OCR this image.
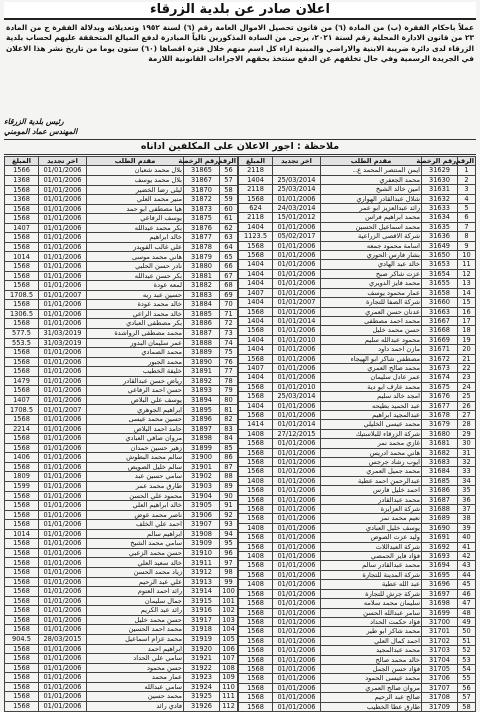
اعلان صادر عن بلدية الزرقاء
عملاً باحكام الفقرة (ب) من المادة (٦) من قانون تحصيل الاموال العامة رقم (٦) لسنة ١٩٥٢ وتعديلاته وبدلالة الفقرة ج من المادة ٢٣ من قانون الادارة المحلية رقم لسنة ٢٠٢١، يرجى من السادة المذكورين تالياً المبادرة لدفع المبالغ المتحققة عليهم لحساب بلدية الزرقاء لدى دائرة ضريبة الابنية والاراضي والمبنية ازاء كل اسم منهم خلال فترة اقصاها (٦٠) ستون يوما من تاريخ نشر هذا الاعلان في الجريدة الرسمية وفي حال تخلفهم عن الدفع ستتخذ بحقهم الاجراءات القانونية اللازمة
رئيس بلدية الزرقاء
المهندس عماد المومني
ملاحظة : اجور الاعلان على المكلفين اداناه
الرقم	رقم الرخصة	مقدم الطلب	اخر تجديد	المبلغ
1	31629	ايمن المنتصر المحمد ع..		2118
2	31630	محمد الجعفري	25/03/2014	1404
3	31631	امين خالد الشيخ	25/03/2014	2118
4	31632	شلال عبدالقادر الهواري	01/01/2006	1568
5	31633	رائد عبدالعزيز ابو عمر	24/03/2014	624
6	31634	محمد ابراهيم فراس	15/01/2012	2118
7	31635	محمد اسماعيل الحسين	01/01/2006	1404
8	31636	شركة الاقصى الزراعية	05/02/2017	1123.5
9	31649	اسامة محمود جمعه	01/01/2006	1568
10	31650	بشار فارس الحوري	01/01/2006	1568
11	31653	خالد عبد الهادي	01/01/2006	1404
12	31654	عزت شاكر صبح	01/01/2006	1404
13	31655	محمد فايز الدويري	01/01/2006	1404
14	31658	عمار محمود يوسف	01/01/2006	1407
15	31660	شركة الصفا للتجارة	01/01/2007	1404
16	31663	عدنان حسن العمري	01/01/2006	1568
17	31667	محمد احمد مصطفى	01/01/2014	1404
18	31668	حسن محمد خليل	01/01/2006	1568
19	31669	محمود عبدالله سليم	01/01/2010	1404
20	31671	مازن احمد داود	01/01/2006	1404
21	31672	مصطفى شاكر ابو الهيجاء	01/01/2006	1568
22	31673	محمد صالح العمري	01/01/2006	1407
23	31674	عمر عادل سليمان	01/01/2006	1404
24	31675	محمد عارف ابو دية	01/01/2010	1568
25	31676	امجد خالد سليم	25/03/2014	1568
26	31677	عبد الحميد بطيحه	01/01/2006	1404
27	31678	عبدالمجيد ابراهيم	01/01/2006	1568
28	31679	محمد عيسى الخليلي	01/01/2014	1414
29	31680	شركة الزرقاء للبلاستيك	27/12/2015	1408
30	31681	غازي محمد نمر	01/01/2006	1568
31	31682	هاني محمد ادريس	01/01/2006	1568
32	31683	ايوب رشاد جرجس	01/01/2006	1568
33	31684	محمد جميل العمري	01/01/2006	1568
34	31685	عبدالرحمن احمد عطية	01/01/2006	1408
35	31686	احمد خليل فارس	01/01/2006	1568
36	31687	محمد عبدالقادر	01/01/2006	1568
37	31688	شركة العزايزة	01/01/2006	1568
38	31689	نعيم محمد نمر	01/01/2006	1568
39	31690	يوسف خليل العبادي	01/01/2006	1408
40	31691	وليد عزت الصوص	01/01/2006	1568
41	31692	شركة العبداللات	01/01/2006	1568
42	31693	فؤاد فايز الحمصي	01/01/2006	1408
43	31694	محمد عبدالقادر سالم	01/01/2006	1568
44	31695	شركة المدينة للتجارة	01/01/2006	1568
45	31696	عبد الله عطية	01/01/2006	1408
46	31697	شركة جرش للتجارة	01/01/2006	1568
47	31698	سليمان محمد سلامه	01/01/2006	1568
48	31699	سامر عبدالله الحسن	01/01/2006	1568
49	31700	فؤاد حكمت الحداد	01/01/2006	1568
50	31701	محمد شاكر ابو طير	01/01/2006	1568
51	31702	احمد كمال العلي	01/01/2006	1568
52	31703	محمد عبدالمجيد	01/01/2006	1568
53	31704	خالد محمد صالح	01/01/2006	1568
54	31705	فؤاد حسن الجمل	01/01/2006	1568
55	31706	محمد عيسى الحمود	01/01/2006	1568
56	31707	مروان صالح العمري	01/01/2006	1568
57	31708	صالح عبد الرحيم	01/01/2006	1568
58	31709	طارق عطا الخطيب	01/01/2006	1568
الرقم	رقم الرخصة	مقدم الطلب	اخر تجديد	المبلغ
56	31865	بلال محمد شعبان	01/01/2006	1566
57	31867	بلال محمد يوسف	01/01/2006	1368
58	31870	ليلى رضا الخضير	01/01/2006	1568
59	31872	منير محمد العلي	01/01/2006	1368
60	31873	هيا مصطفى ابو حمد	01/01/2006	1568
61	31875	يوسف الرفاعي	01/01/2006	1568
62	31876	بكر محمد عبدالله	01/01/2006	1407
63	31877	خالد ابراهيم	01/01/2006	1568
64	31878	علي غالب القويدر	01/01/2006	1568
65	31879	هاني محمد موسى	01/01/2006	1014
66	31880	نادر حسن الحلبي	01/01/2006	1568
67	31881	بكر حسن عبدالله	01/01/2006	1568
68	31882	لمعه عودة	01/01/2006	1568
69	31883	حسين عبد ربه	01/01/2007	1708.5
70	31884	خالد محمد عودة	01/01/2006	1568
71	31885	خالد محمد الراعي	01/01/2006	1306.5
72	31886	بكر مصطفى العبادي	01/01/2006	1568
73	31887	محمد مصطفى الرواشدة	31/03/2019	577.5
74	31888	عمر سليمان البدور	31/03/2019	553.5
75	31889	محمد الصمادي	01/01/2006	1568
76	31890	محمد الجبور	01/01/2006	1568
77	31891	خليفة الخطيب	01/01/2006	1568
78	31892	رياض حسن عبدالقادر	01/01/2006	1479
79	31893	حسن احمد الرفاعي	01/01/2006	1568
80	31894	يوسف علي البلاص	01/01/2006	1407
81	31895	ابراهيم الجوهري	01/01/2007	1708.5
82	31896	حسين محمد عيسى	01/01/2006	1568
83	31897	حامد احمد البلاص	01/01/2006	2214
84	31898	مروان صافي العبادي	01/01/2006	1568
85	31899	زهير حسين حمدان	01/01/2006	1568
86	31900	سالم محمد البطوش	01/01/2006	1406
87	31901	سالم خليل الصويص	01/01/2006	1568
88	31902	سامي حسين عبد	01/01/2006	1809
89	31903	طارق محمد عمر	01/01/2006	1599
90	31904	محمود علي الحسن	01/01/2006	1568
91	31905	خالد ابراهيم العلي	01/01/2006	1568
92	31906	ناصر محمد عوض	01/01/2006	1568
93	31907	احمد علي الخلف	01/01/2006	1568
94	31908	ابراهيم سالم	01/01/2006	1014
95	31909	سامي محمد الشيخ	01/01/2006	1568
96	31910	حسن محمد الزعبي	01/01/2006	1568
97	31911	خالد سعيد العلي	01/01/2006	1568
98	31912	زياد محمد الحسن	01/01/2006	1568
99	31913	علي عبد الرحيم	01/01/2006	1568
100	31914	رائد احمد العتوم	01/01/2006	1568
101	31915	جمال سليمان	01/01/2006	1568
102	31916	رائد عبد الكريم	01/01/2006	1568
103	31917	حسن محمد خليل	01/01/2006	1568
104	31918	محمد احمد الحسين	01/01/2006	1568
105	31919	محمد عزام اسماعيل	28/03/2015	904.5
106	31920	ابراهيم احمد	01/01/2006	1568
107	31921	سامي علي الحداد	01/01/2006	1568
108	31922	حسن محمود	01/01/2006	1568
109	31923	عمار محمد	01/01/2006	1568
110	31924	سامي عبدالله	01/01/2006	1568
111	31925	محمد حسين	01/01/2006	1568
112	31926	فادي رائد	01/01/2006	1568
